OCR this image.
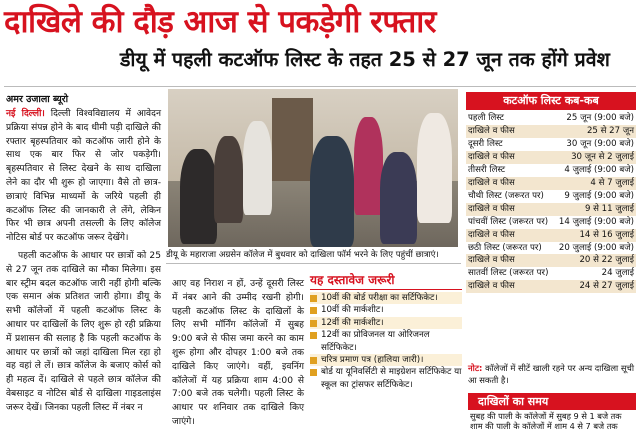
दाखिले की दौड़ आज से पकड़ेगी रफ्तार
डीयू में पहली कटऑफ लिस्ट के तहत 25 से 27 जून तक होंगे प्रवेश
अमर उजाला ब्यूरो
नई दिल्ली। दिल्ली विश्वविद्यालय में आवेदन प्रक्रिया संपन्न होने के बाद धीमी पड़ी दाखिले की रफ्तार बृहस्पतिवार को कटऑफ जारी होने के साथ एक बार फिर से जोर पकड़ेगी। बृहस्पतिवार से लिस्ट देखने के साथ दाखिला लेने का दौर भी शुरू हो जाएगा। वैसे तो छात्र-छात्राएं विभिन्न माध्यमों के जरिये पहली ही कटऑफ लिस्ट की जानकारी ले लेंगे, लेकिन फिर भी छात्र अपनी तसल्ली के लिए कॉलेज नोटिस बोर्ड पर कटऑफ जरूर देखेंगे।
पहली कटऑफ के आधार पर छात्रों को 25 से 27 जून तक दाखिले का मौका मिलेगा। इस बार स्ट्रीम बदल कटऑफ जारी नहीं होगी बल्कि एक समान अंक प्रतिशत जारी होगा। डीयू के सभी कॉलेजों में पहली कटऑफ लिस्ट के आधार पर दाखिलों के लिए शुरू हो रही प्रक्रिया में प्रशासन की सलाह है कि पहली कटऑफ के आधार पर छात्रों को जहां दाखिला मिल रहा हो वह वहां ले लें। छात्र कॉलेज के बजाए कोर्स को ही महत्व दें। दाखिले से पहले छात्र कॉलेज की वेबसाइट व नोटिस बोर्ड से दाखिला गाइडलाइंस जरूर देखें। जिनका पहली लिस्ट में नंबर न
डीयू के महाराजा अग्रसेन कॉलेज में बुधवार को दाखिला फॉर्म भरने के लिए पहुंचीं छात्राएं।
आए वह निराश न हों, उन्हें दूसरी लिस्ट में नंबर आने की उम्मीद रखनी होगी। पहली कटऑफ लिस्ट के दाखिलों के लिए सभी मॉर्निंग कॉलेजों में सुबह 9:00 बजे से फीस जमा करने का काम शुरू होगा और दोपहर 1:00 बजे तक दाखिले किए जाएंगे। वहीं, इवनिंग कॉलेजों में यह प्रक्रिया शाम 4:00 से 7:00 बजे तक चलेगी। पहली लिस्ट के आधार पर शनिवार तक दाखिले किए जाएंगे।
यह दस्तावेज जरूरी
10वीं की बोर्ड परीक्षा का सर्टिफिकेट।
10वीं की मार्कशीट।
12वीं की मार्कशीट।
12वीं का प्रोविजनल या ओरिजनल सर्टिफिकेट।
चरित्र प्रमाण पत्र (हालिया जारी)।
बोर्ड या यूनिवर्सिटी से माइग्रेशन सर्टिफिकेट या स्कूल का ट्रांसफर सर्टिफिकेट।
कटऑफ लिस्ट कब-कब
पहली लिस्ट	25 जून (9:00 बजे)
दाखिले व फीस	25 से 27 जून
दूसरी लिस्ट	30 जून (9:00 बजे)
दाखिले व फीस	30 जून से 2 जुलाई
तीसरी लिस्ट	4 जुलाई (9:00 बजे)
दाखिले व फीस	4 से 7 जुलाई
चौथी लिस्ट (जरूरत पर)	9 जुलाई (9:00 बजे)
दाखिले व फीस	9 से 11 जुलाई
पांचवीं लिस्ट (जरूरत पर)	14 जुलाई (9:00 बजे)
दाखिले व फीस	14 से 16 जुलाई
छठी लिस्ट (जरूरत पर)	20 जुलाई (9:00 बजे)
दाखिले व फीस	20 से 22 जुलाई
सातवीं लिस्ट (जरूरत पर)	24 जुलाई
दाखिले व फीस	24 से 27 जुलाई
नोट: कॉलेजों में सीटें खाली रहने पर अन्य दाखिला सूची आ सकती है।
दाखिलों का समय
सुबह की पाली के कॉलेजों में सुबह 9 से 1 बजे तक
शाम की पाली के कॉलेजों में शाम 4 से 7 बजे तक
